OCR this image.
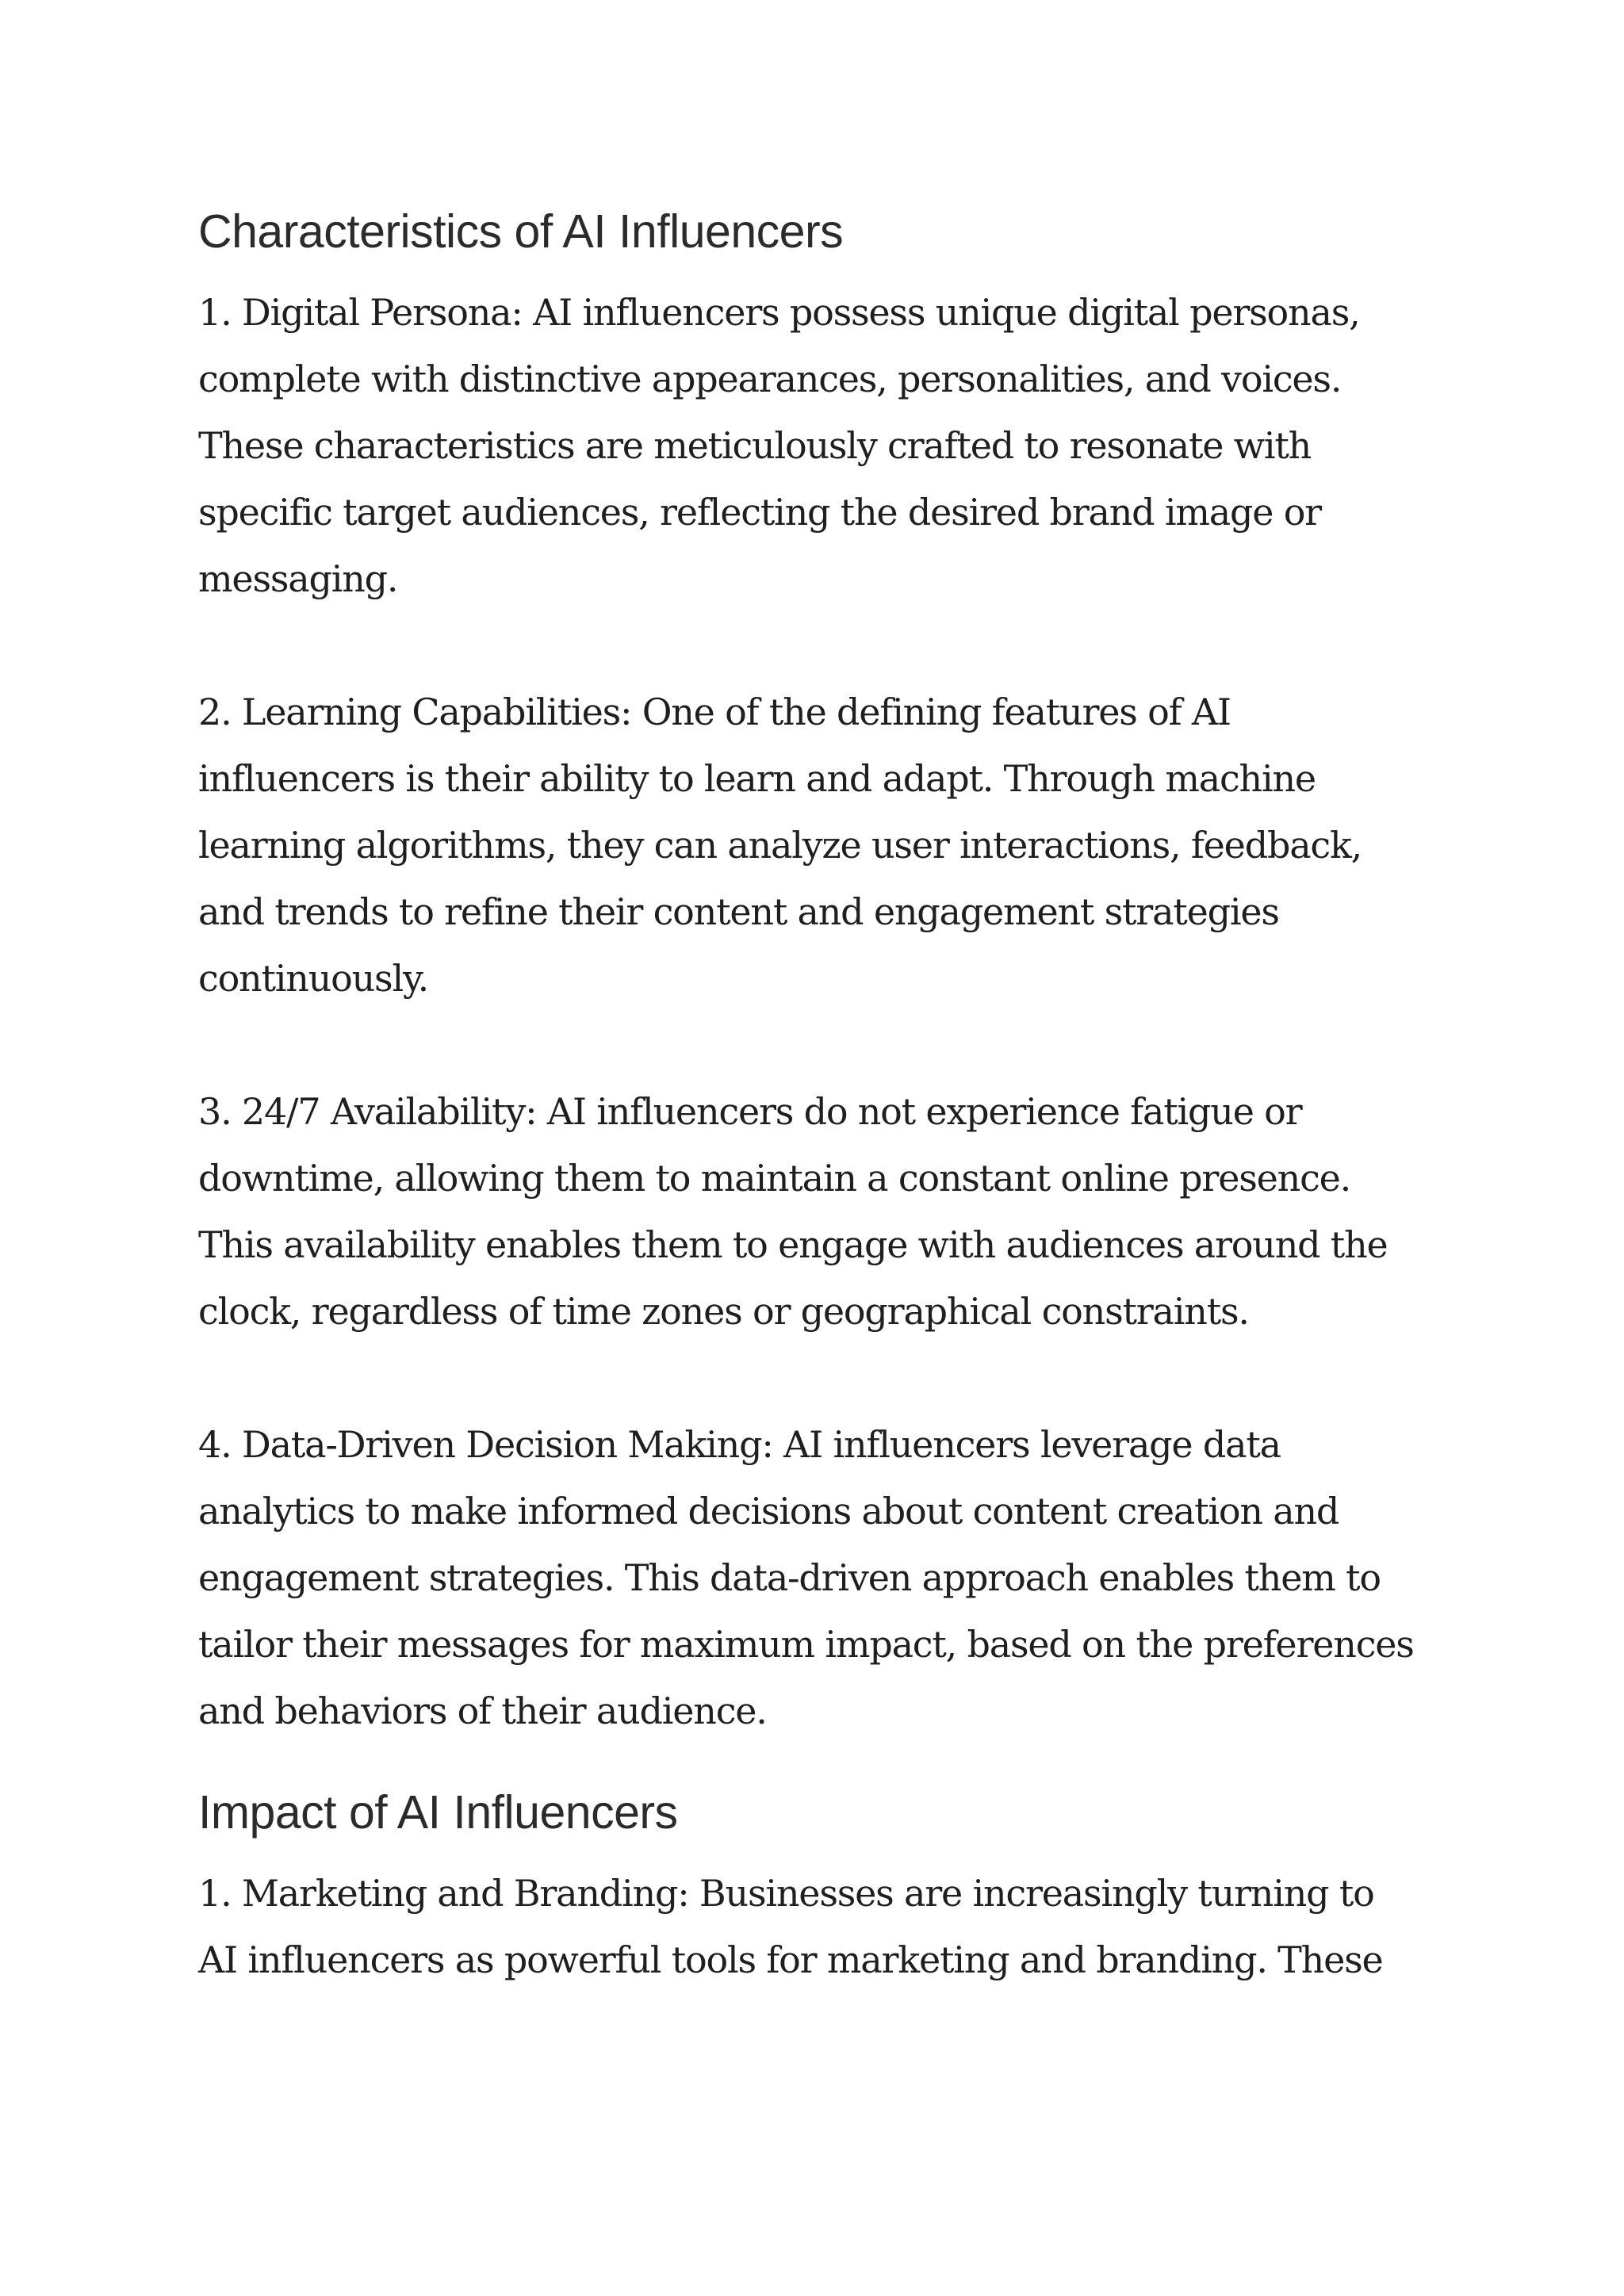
Characteristics of AI Influencers

1. Digital Persona: AI influencers possess unique digital personas,
complete with distinctive appearances, personalities, and voices.
These characteristics are meticulously crafted to resonate with
specific target audiences, reflecting the desired brand image or
messaging.

2. Learning Capabilities: One of the defining features of AI
influencers is their ability to learn and adapt. Through machine
learning algorithms, they can analyze user interactions, feedback,
and trends to refine their content and engagement strategies
continuously.

3. 24/7 Availability: AI influencers do not experience fatigue or
downtime, allowing them to maintain a constant online presence.
This availability enables them to engage with audiences around the
clock, regardless of time zones or geographical constraints.

4. Data-Driven Decision Making: AI influencers leverage data
analytics to make informed decisions about content creation and
engagement strategies. This data-driven approach enables them to
tailor their messages for maximum impact, based on the preferences
and behaviors of their audience.

Impact of AI Influencers

1. Marketing and Branding: Businesses are increasingly turning to
AI influencers as powerful tools for marketing and branding. These
